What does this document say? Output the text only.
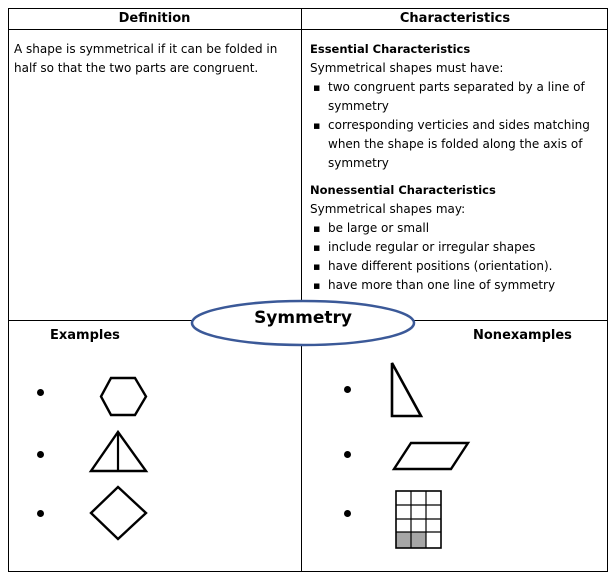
Definition
A shape is symmetrical if it can be folded in half so that the two parts are congruent.
Characteristics
Essential Characteristics

Symmetrical shapes must have:

▪ two congruent parts separated by a line of symmetry
▪ corresponding verticies and sides matching when the shape is folded along the axis of symmetry
Nonessential Characteristics

Symmetrical shapes may:

▪ be large or small
▪ include regular or irregular shapes
▪ have different positions (orientation).
▪ have more than one line of symmetry
Examples	Nonexamples
Symmetry
